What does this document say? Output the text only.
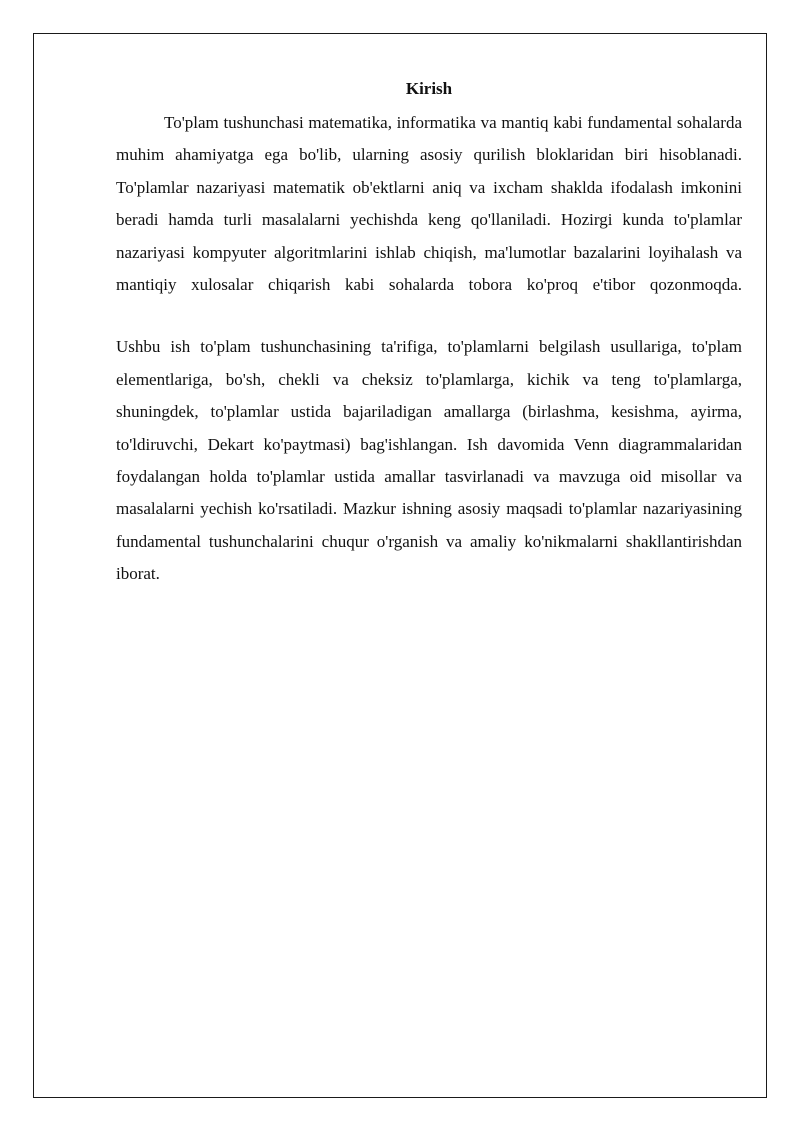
Kirish

To'plam tushunchasi matematika, informatika va mantiq kabi fundamental sohalarda muhim ahamiyatga ega bo'lib, ularning asosiy qurilish bloklaridan biri hisoblanadi. To'plamlar nazariyasi matematik ob'ektlarni aniq va ixcham shaklda ifodalash imkonini beradi hamda turli masalalarni yechishda keng qo'llaniladi. Hozirgi kunda to'plamlar nazariyasi kompyuter algoritmlarini ishlab chiqish, ma'lumotlar bazalarini loyihalash va mantiqiy xulosalar chiqarish kabi sohalarda tobora ko'proq e'tibor qozonmoqda.

Ushbu ish to'plam tushunchasining ta'rifiga, to'plamlarni belgilash usullariga, to'plam elementlariga, bo'sh, chekli va cheksiz to'plamlarga, kichik va teng to'plamlarga, shuningdek, to'plamlar ustida bajariladigan amallarga (birlashma, kesishma, ayirma, to'ldiruvchi, Dekart ko'paytmasi) bag'ishlangan. Ish davomida Venn diagrammalaridan foydalangan holda to'plamlar ustida amallar tasvirlanadi va mavzuga oid misollar va masalalarni yechish ko'rsatiladi. Mazkur ishning asosiy maqsadi to'plamlar nazariyasining fundamental tushunchalarini chuqur o'rganish va amaliy ko'nikmalarni shakllantirishdan iborat.
